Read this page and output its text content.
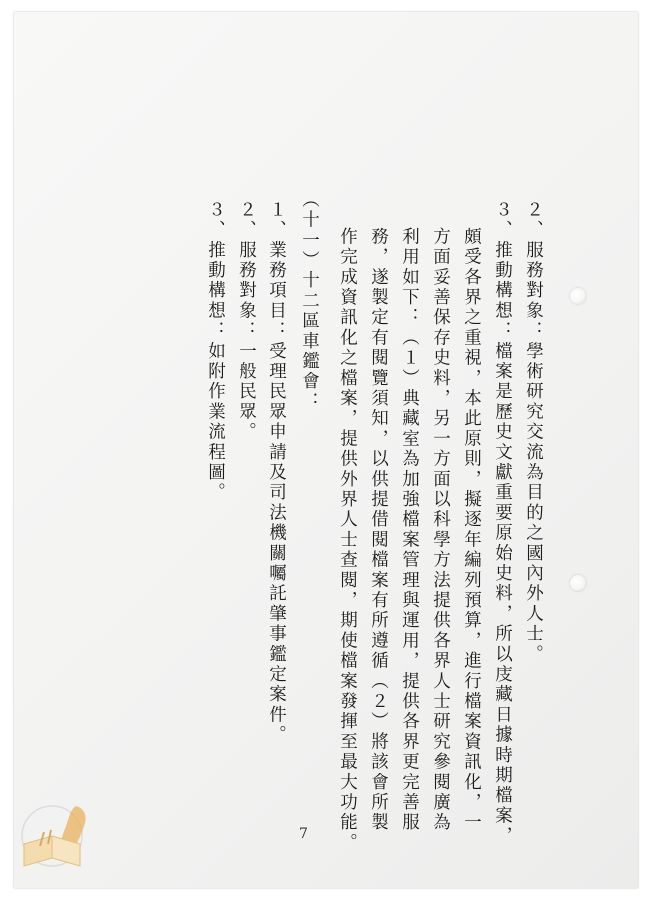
２、服務對象：學術研究交流為目的之國內外人士。
３、推動構想：檔案是歷史文獻重要原始史料，所以庋藏日據時期檔案，
頗受各界之重視，本此原則，擬逐年編列預算，進行檔案資訊化，一
方面妥善保存史料，另一方面以科學方法提供各界人士研究參閱廣為
利用如下：（１）典藏室為加強檔案管理與運用，提供各界更完善服
務，遂製定有閱覽須知，以供提借閱檔案有所遵循（２）將該會所製
作完成資訊化之檔案，提供外界人士查閱，期使檔案發揮至最大功能。
（十一）十二區車鑑會：
１、業務項目：受理民眾申請及司法機關囑託肇事鑑定案件。
２、服務對象：一般民眾。
３、推動構想：如附作業流程圖。
7
